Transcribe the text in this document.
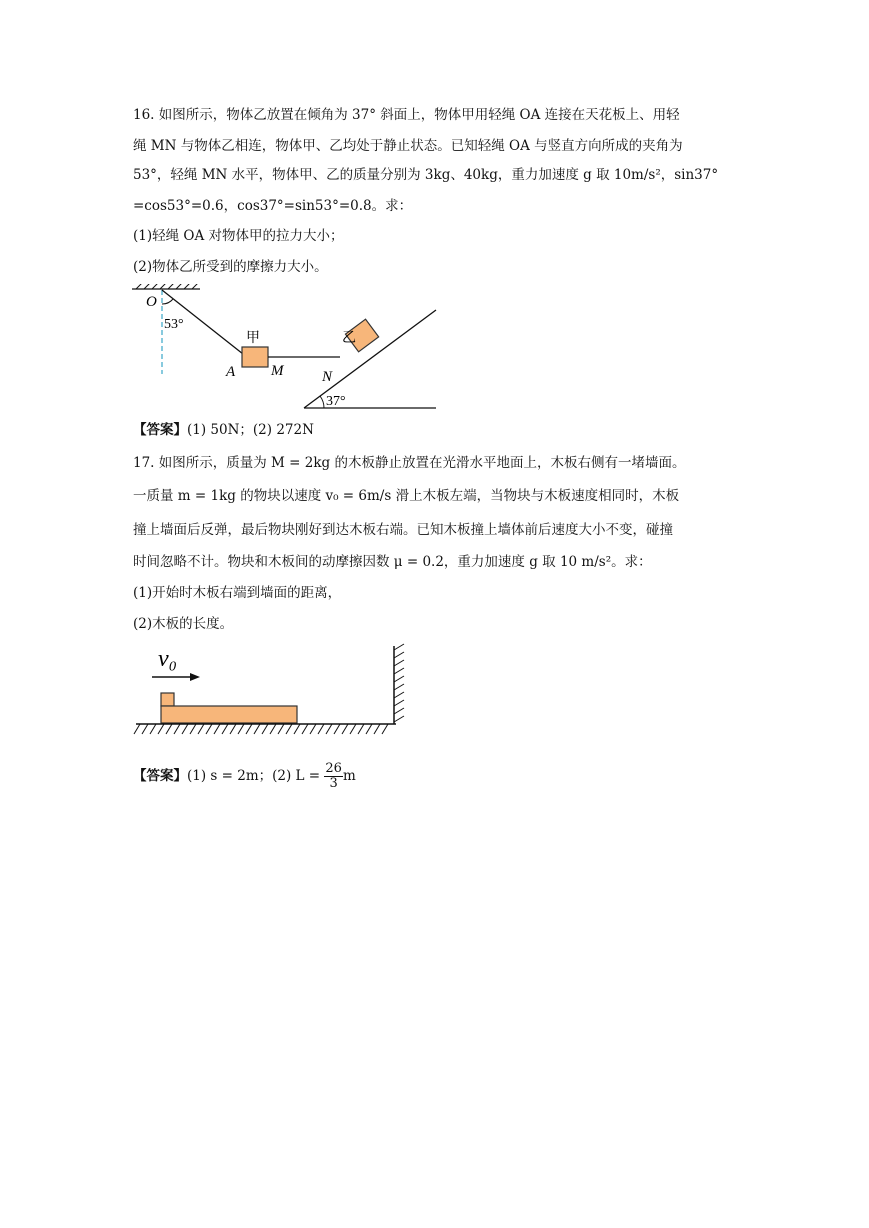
16. 如图所示，物体乙放置在倾角为 37° 斜面上，物体甲用轻绳 OA 连接在天花板上、用轻
绳 MN 与物体乙相连，物体甲、乙均处于静止状态。已知轻绳 OA 与竖直方向所成的夹角为
53°，轻绳 MN 水平，物体甲、乙的质量分别为 3kg、40kg，重力加速度 g 取 10m/s²，sin37°
=cos53°=0.6，cos37°=sin53°=0.8。求：
(1)轻绳 OA 对物体甲的拉力大小；
(2)物体乙所受到的摩擦力大小。
O
53°
甲
A M
37°
乙
N
【答案】(1) 50N；(2) 272N
17. 如图所示，质量为 M = 2kg 的木板静止放置在光滑水平地面上，木板右侧有一堵墙面。
一质量 m = 1kg 的物块以速度 v₀ = 6m/s 滑上木板左端，当物块与木板速度相同时，木板
撞上墙面后反弹，最后物块刚好到达木板右端。已知木板撞上墙体前后速度大小不变，碰撞
时间忽略不计。物块和木板间的动摩擦因数 μ = 0.2，重力加速度 g 取 10 m/s²。求：
(1)开始时木板右端到墙面的距离，
(2)木板的长度。
v₀
【答案】(1) s = 2m；(2) $L = \frac{26}{3}$ m
